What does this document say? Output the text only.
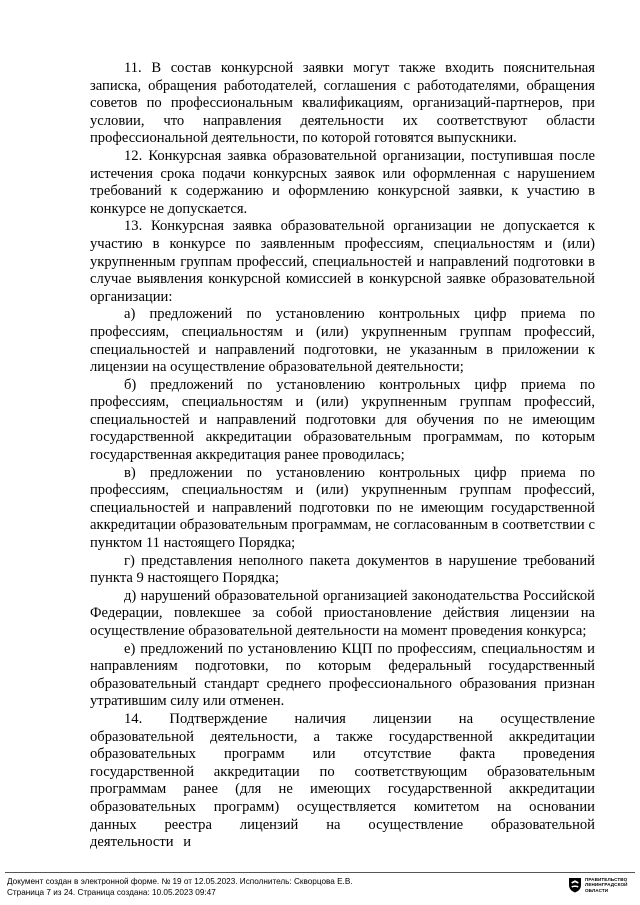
11. В состав конкурсной заявки могут также входить пояснительная записка, обращения работодателей, соглашения с работодателями, обращения советов по профессиональным квалификациям, организаций-партнеров, при условии, что направления деятельности их соответствуют области профессиональной деятельности, по которой готовятся выпускники.

12. Конкурсная заявка образовательной организации, поступившая после истечения срока подачи конкурсных заявок или оформленная с нарушением требований к содержанию и оформлению конкурсной заявки, к участию в конкурсе не допускается.

13. Конкурсная заявка образовательной организации не допускается к участию в конкурсе по заявленным профессиям, специальностям и (или) укрупненным группам профессий, специальностей и направлений подготовки в случае выявления конкурсной комиссией в конкурсной заявке образовательной организации:

а) предложений по установлению контрольных цифр приема по профессиям, специальностям и (или) укрупненным группам профессий, специальностей и направлений подготовки, не указанным в приложении к лицензии на осуществление образовательной деятельности;

б) предложений по установлению контрольных цифр приема по профессиям, специальностям и (или) укрупненным группам профессий, специальностей и направлений подготовки для обучения по не имеющим государственной аккредитации образовательным программам, по которым государственная аккредитация ранее проводилась;

в) предложении по установлению контрольных цифр приема по профессиям, специальностям и (или) укрупненным группам профессий, специальностей и направлений подготовки по не имеющим государственной аккредитации образовательным программам, не согласованным в соответствии с пунктом 11 настоящего Порядка;

г) представления неполного пакета документов в нарушение требований пункта 9 настоящего Порядка;

д) нарушений образовательной организацией законодательства Российской Федерации, повлекшее за собой приостановление действия лицензии на осуществление образовательной деятельности на момент проведения конкурса;

е) предложений по установлению КЦП по профессиям, специальностям и направлениям подготовки, по которым федеральный государственный образовательный стандарт среднего профессионального образования признан утратившим силу или отменен.

14. Подтверждение наличия лицензии на осуществление образовательной деятельности, а также государственной аккредитации образовательных программ или отсутствие факта проведения государственной аккредитации по соответствующим образовательным программам ранее (для не имеющих государственной аккредитации образовательных программ) осуществляется комитетом на основании данных реестра лицензий на осуществление образовательной деятельности и

Документ создан в электронной форме. № 19 от 12.05.2023. Исполнитель: Скворцова Е.В.
Страница 7 из 24. Страница создана: 10.05.2023 09:47
ПРАВИТЕЛЬСТВО
ЛЕНИНГРАДСКОЙ
ОБЛАСТИ
